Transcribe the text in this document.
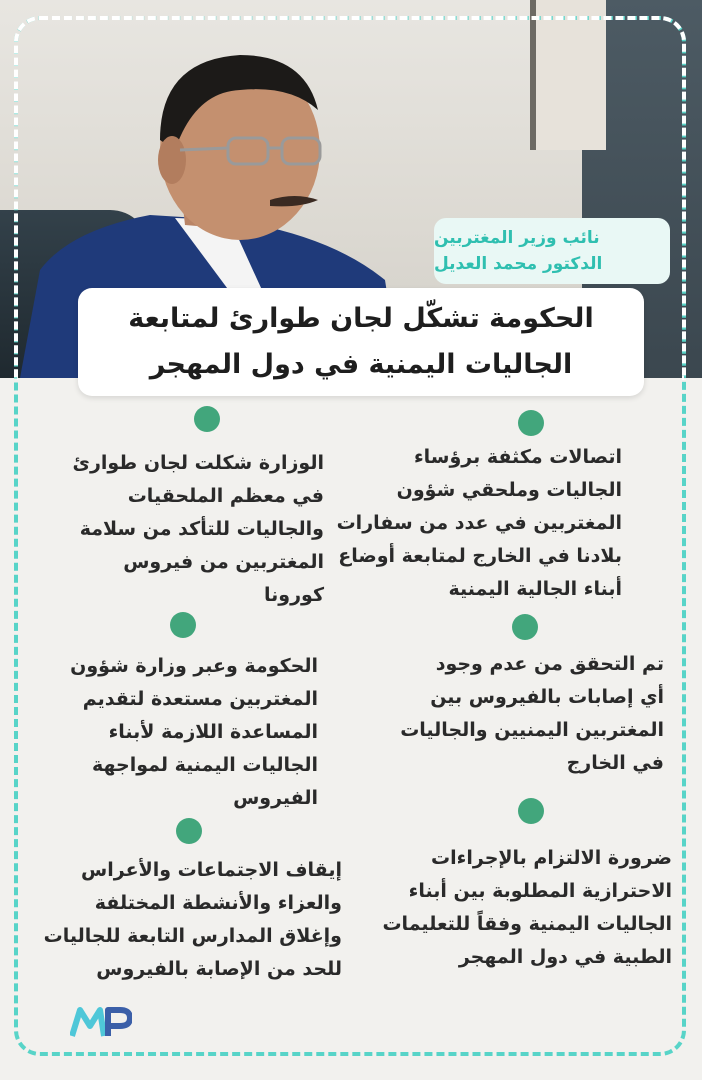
نائب وزير المغتربين
الدكتور محمد العديل
الحكومة تشكّل لجان طوارئ لمتابعة
الجاليات اليمنية في دول المهجر
اتصالات مكثفة برؤساء
الجاليات وملحقي شؤون
المغتربين في عدد من سفارات
بلادنا في الخارج لمتابعة أوضاع
أبناء الجالية اليمنية
تم التحقق من عدم وجود
أي إصابات بالفيروس بين
المغتربين اليمنيين والجاليات
في الخارج
ضرورة الالتزام بالإجراءات
الاحترازية المطلوبة بين أبناء
الجاليات اليمنية وفقاً للتعليمات
الطبية في دول المهجر
الوزارة شكلت لجان طوارئ
في معظم الملحقيات
والجاليات للتأكد من سلامة
المغتربين من فيروس
كورونا
الحكومة وعبر وزارة شؤون
المغتربين مستعدة لتقديم
المساعدة اللازمة لأبناء
الجاليات اليمنية لمواجهة
الفيروس
إيقاف الاجتماعات والأعراس
والعزاء والأنشطة المختلفة
وإغلاق المدارس التابعة للجاليات
للحد من الإصابة بالفيروس
